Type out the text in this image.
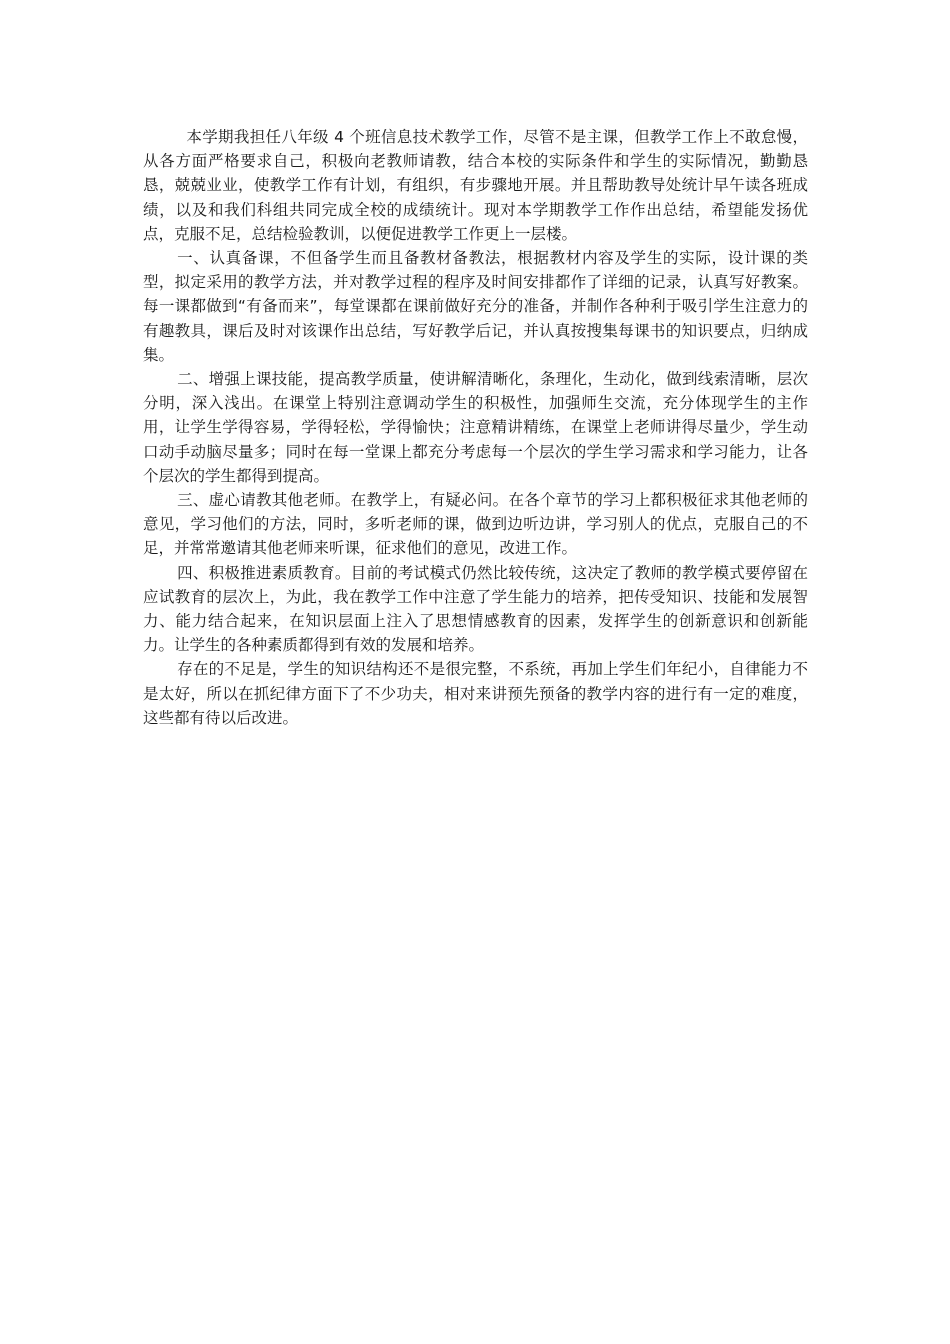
本学期我担任八年级 4 个班信息技术教学工作，尽管不是主课，但教学工作上不敢怠慢，从各方面严格要求自己，积极向老教师请教，结合本校的实际条件和学生的实际情况，勤勤恳恳，兢兢业业，使教学工作有计划，有组织，有步骤地开展。并且帮助教导处统计早午读各班成绩，以及和我们科组共同完成全校的成绩统计。现对本学期教学工作作出总结，希望能发扬优点，克服不足，总结检验教训，以便促进教学工作更上一层楼。

一、认真备课，不但备学生而且备教材备教法，根据教材内容及学生的实际，设计课的类型，拟定采用的教学方法，并对教学过程的程序及时间安排都作了详细的记录，认真写好教案。每一课都做到“有备而来”，每堂课都在课前做好充分的准备，并制作各种利于吸引学生注意力的有趣教具，课后及时对该课作出总结，写好教学后记，并认真按搜集每课书的知识要点，归纳成集。

二、增强上课技能，提高教学质量，使讲解清晰化，条理化，生动化，做到线索清晰，层次分明，深入浅出。在课堂上特别注意调动学生的积极性，加强师生交流，充分体现学生的主作用，让学生学得容易，学得轻松，学得愉快；注意精讲精练，在课堂上老师讲得尽量少，学生动口动手动脑尽量多；同时在每一堂课上都充分考虑每一个层次的学生学习需求和学习能力，让各个层次的学生都得到提高。

三、虚心请教其他老师。在教学上，有疑必问。在各个章节的学习上都积极征求其他老师的意见，学习他们的方法，同时，多听老师的课，做到边听边讲，学习别人的优点，克服自己的不足，并常常邀请其他老师来听课，征求他们的意见，改进工作。

四、积极推进素质教育。目前的考试模式仍然比较传统，这决定了教师的教学模式要停留在应试教育的层次上，为此，我在教学工作中注意了学生能力的培养，把传受知识、技能和发展智力、能力结合起来，在知识层面上注入了思想情感教育的因素，发挥学生的创新意识和创新能力。让学生的各种素质都得到有效的发展和培养。

存在的不足是，学生的知识结构还不是很完整，不系统，再加上学生们年纪小，自律能力不是太好，所以在抓纪律方面下了不少功夫，相对来讲预先预备的教学内容的进行有一定的难度，这些都有待以后改进。
